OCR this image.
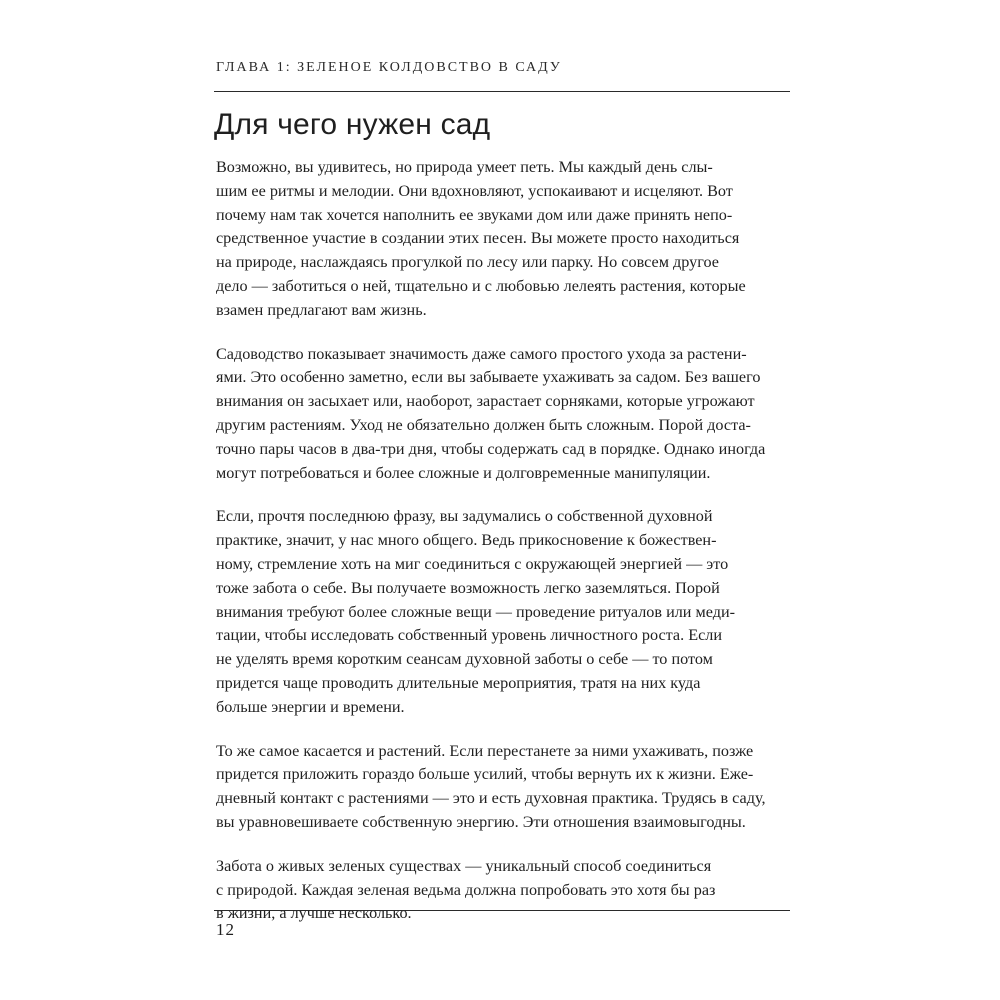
ГЛАВА 1: ЗЕЛЕНОЕ КОЛДОВСТВО В САДУ
Для чего нужен сад

Возможно, вы удивитесь, но природа умеет петь. Мы каждый день слы-
шим ее ритмы и мелодии. Они вдохновляют, успокаивают и исцеляют. Вот
почему нам так хочется наполнить ее звуками дом или даже принять непо-
средственное участие в создании этих песен. Вы можете просто находиться
на природе, наслаждаясь прогулкой по лесу или парку. Но совсем другое
дело — заботиться о ней, тщательно и с любовью лелеять растения, которые
взамен предлагают вам жизнь.

Садоводство показывает значимость даже самого простого ухода за растени-
ями. Это особенно заметно, если вы забываете ухаживать за садом. Без вашего
внимания он засыхает или, наоборот, зарастает сорняками, которые угрожают
другим растениям. Уход не обязательно должен быть сложным. Порой доста-
точно пары часов в два-три дня, чтобы содержать сад в порядке. Однако иногда
могут потребоваться и более сложные и долговременные манипуляции.

Если, прочтя последнюю фразу, вы задумались о собственной духовной
практике, значит, у нас много общего. Ведь прикосновение к божествен-
ному, стремление хоть на миг соединиться с окружающей энергией — это
тоже забота о себе. Вы получаете возможность легко заземляться. Порой
внимания требуют более сложные вещи — проведение ритуалов или меди-
тации, чтобы исследовать собственный уровень личностного роста. Если
не уделять время коротким сеансам духовной заботы о себе — то потом
придется чаще проводить длительные мероприятия, тратя на них куда
больше энергии и времени.

То же самое касается и растений. Если перестанете за ними ухаживать, позже
придется приложить гораздо больше усилий, чтобы вернуть их к жизни. Еже-
дневный контакт с растениями — это и есть духовная практика. Трудясь в саду,
вы уравновешиваете собственную энергию. Эти отношения взаимовыгодны.

Забота о живых зеленых существах — уникальный способ соединиться
с природой. Каждая зеленая ведьма должна попробовать это хотя бы раз
в жизни, а лучше несколько.

12
